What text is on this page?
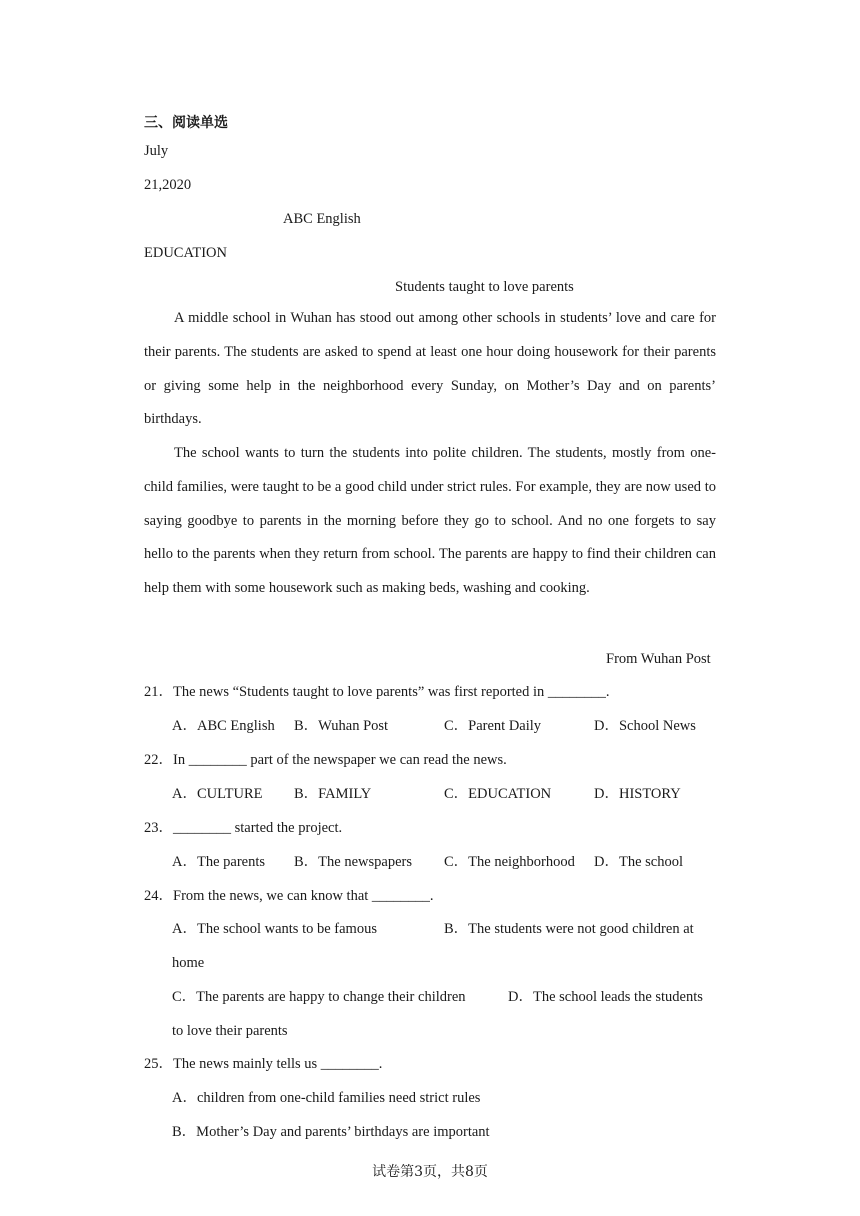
三、阅读单选
July
21,2020
ABC English
EDUCATION
Students taught to love parents
A middle school in Wuhan has stood out among other schools in students’ love and care for their parents. The students are asked to spend at least one hour doing housework for their parents or giving some help in the neighborhood every Sunday, on Mother’s Day and on parents’ birthdays.
The school wants to turn the students into polite children. The students, mostly from one-child families, were taught to be a good child under strict rules. For example, they are now used to saying goodbye to parents in the morning before they go to school. And no one forgets to say hello to the parents when they return from school. The parents are happy to find their children can help them with some housework such as making beds, washing and cooking.
From Wuhan Post
21．The news “Students taught to love parents” was first reported in ________.
A．ABC English B．Wuhan Post	C．Parent Daily	D．School News
22．In ________ part of the newspaper we can read the news.
A．CULTURE B．FAMILY	C．EDUCATION	D．HISTORY
23．________ started the project.
A．The parents B．The newspapers C．The neighborhood D．The school
24．From the news, we can know that ________.
A．The school wants to be famous	B．The students were not good children at
home
C．The parents are happy to change their children	D．The school leads the students
to love their parents
25．The news mainly tells us ________.
A．children from one-child families need strict rules
B．Mother’s Day and parents’ birthdays are important
试卷第3页，共8页
